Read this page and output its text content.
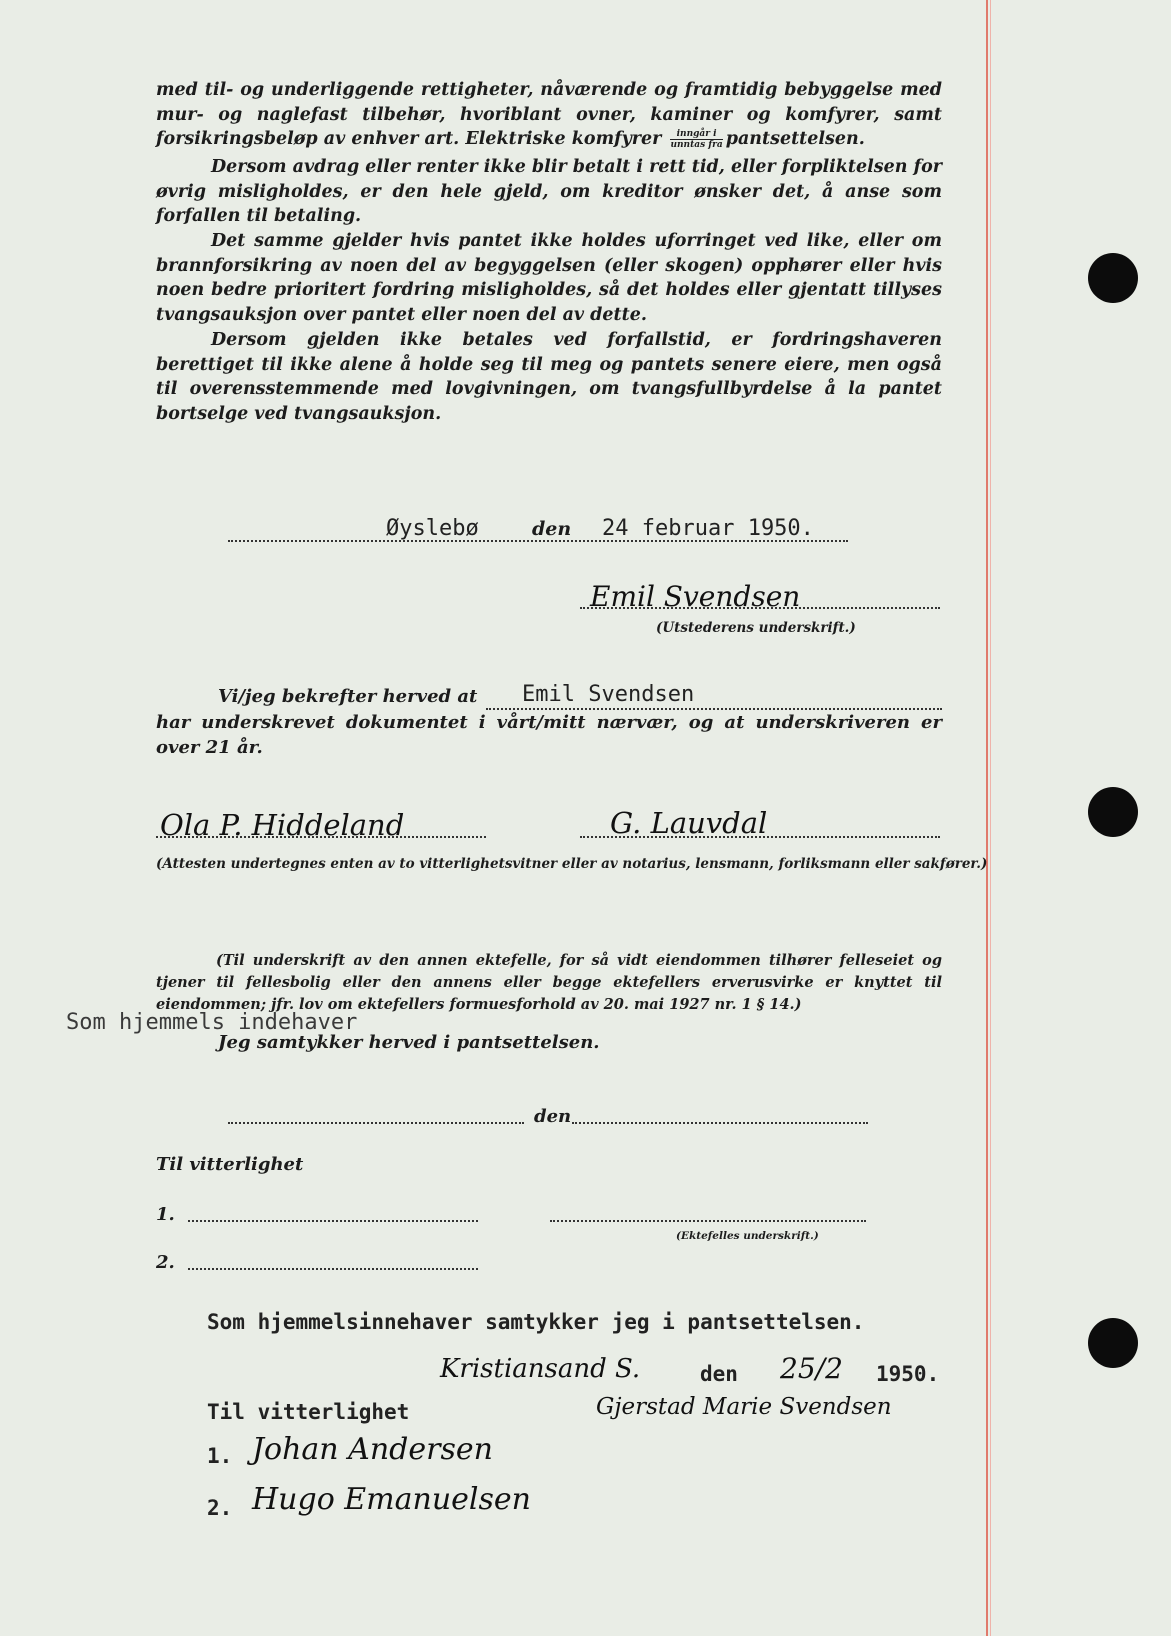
med til- og underliggende rettigheter, nåværende og framtidig bebyggelse med mur- og naglefast tilbehør, hvoriblant ovner, kaminer og komfyrer, samt forsikringsbeløp av enhver art. Elektriske komfyrer $\frac{\text{inngår i}}{\text{unntas fra}}$ pantsettelsen.
Dersom avdrag eller renter ikke blir betalt i rett tid, eller forpliktelsen for øvrig misligholdes, er den hele gjeld, om kreditor ønsker det, å anse som forfallen til betaling.
Det samme gjelder hvis pantet ikke holdes uforringet ved like, eller om brannforsikring av noen del av begyggelsen (eller skogen) opphører eller hvis noen bedre prioritert fordring misligholdes, så det holdes eller gjentatt tillyses tvangsauksjon over pantet eller noen del av dette.
Dersom gjelden ikke betales ved forfallstid, er fordringshaveren berettiget til ikke alene å holde seg til meg og pantets senere eiere, men også til overensstemmende med lovgivningen, om tvangsfullbyrdelse å la pantet bortselge ved tvangsauksjon.
Øyslebø	den 24 februar 1950.
Emil Svendsen
(Utstederens underskrift.)
Vi/jeg bekrefter herved at Emil Svendsen
har underskrevet dokumentet i vårt/mitt nærvær, og at underskriveren er over 21 år.
Ola P. Hiddeland	G. Lauvdal
(Attesten undertegnes enten av to vitterlighetsvitner eller av notarius, lensmann, forliksmann eller sakfører.)
(Til underskrift av den annen ektefelle, for så vidt eiendommen tilhører felleseiet og tjener til fellesbolig eller den annens eller begge ektefellers erverusvirke er knyttet til eiendommen; jfr. lov om ektefellers formuesforhold av 20. mai 1927 nr. 1 § 14.)
Som hjemmels indehaver
Jeg samtykker herved i pantsettelsen.
den
Til vitterlighet
1.
(Ektefelles underskrift.)
2.
Som hjemmelsinnehaver samtykker jeg i pantsettelsen.
Kristiansand S.	den 25/2 1950.
Gjerstad Marie Svendsen
Til vitterlighet
1. Johan Andersen
2. Hugo Emanuelsen
